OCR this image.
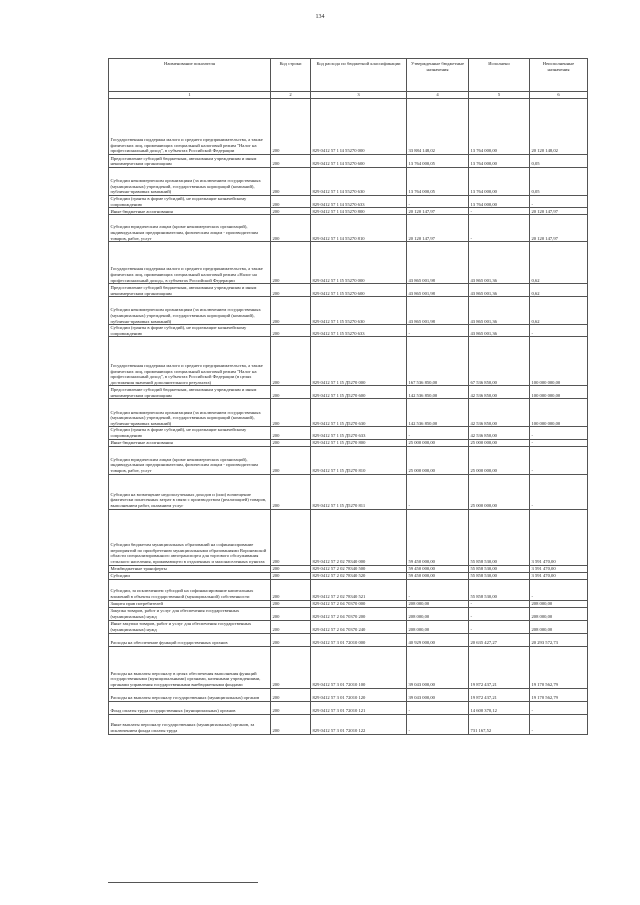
134
Наименование показателя	Код строки	Код расхода по бюджетной классификации	Утвержденные бюджетные назначения	Исполнено	Неисполненные назначения
1	2	3	4	5	6
Государственная поддержка малого и среднего предпринимательства, а также физических лиц, применяющих специальный налоговый режим "Налог на профессиональный доход", в субъектах Российской Федерации	200	829 0412 57 1 I4 55270 000	33 884 148,02	13 764 000,00	20 120 148,02
Предоставление субсидий бюджетным, автономным учреждениям и иным некоммерческим организациям	200	829 0412 57 1 I4 55270 600	13 764 000,05	13 764 000,00	0,05
Субсидии некоммерческим организациям (за исключением государственных (муниципальных) учреждений, государственных корпораций (компаний), публично-правовых компаний)	200	829 0412 57 1 I4 55270 630	13 764 000,05	13 764 000,00	0,05
Субсидии (гранты в форме субсидий), не подлежащие казначейскому сопровождению	200	829 0412 57 1 I4 55270 633	-	13 764 000,00	-
Иные бюджетные ассигнования	200	829 0412 57 1 I4 55270 800	20 120 147,97	-	20 120 147,97
Субсидии юридическим лицам (кроме некоммерческих организаций), индивидуальным предпринимателям, физическим лицам - производителям товаров, работ, услуг	200	829 0412 57 1 I4 55270 810	20 120 147,97	-	20 120 147,97
Государственная поддержка малого и среднего предпринимательства, а также физических лиц, применяющих специальный налоговый режим «Налог на профессиональный доход», в субъектах Российской Федерации	200	829 0412 57 1 I5 55270 000	43 865 001,98	43 865 001,36	0,62
Предоставление субсидий бюджетным, автономным учреждениям и иным некоммерческим организациям	200	829 0412 57 1 I5 55270 600	43 865 001,98	43 865 001,36	0,62
Субсидии некоммерческим организациям (за исключением государственных (муниципальных) учреждений, государственных корпораций (компаний), публично-правовых компаний)	200	829 0412 57 1 I5 55270 630	43 865 001,98	43 865 001,36	0,62
Субсидии (гранты в форме субсидий), не подлежащие казначейскому сопровождению	200	829 0412 57 1 I5 55270 633	-	43 865 001,36	-
Государственная поддержка малого и среднего предпринимательства, а также физических лиц, применяющих специальный налоговый режим "Налог на профессиональный доход", в субъектах Российской Федерации (в целях достижения значений дополнительного результата)	200	829 0412 57 1 I5 Д5270 000	167 536 850,00	67 536 850,00	100 000 000,00
Предоставление субсидий бюджетным, автономным учреждениям и иным некоммерческим организациям	200	829 0412 57 1 I5 Д5270 600	142 536 850,00	42 536 850,00	100 000 000,00
Субсидии некоммерческим организациям (за исключением государственных (муниципальных) учреждений, государственных корпораций (компаний), публично-правовых компаний)	200	829 0412 57 1 I5 Д5270 630	142 536 850,00	42 536 850,00	100 000 000,00
Субсидии (гранты в форме субсидий), не подлежащие казначейскому сопровождению	200	829 0412 57 1 I5 Д5270 633	-	42 536 850,00	-
Иные бюджетные ассигнования	200	829 0412 57 1 I5 Д5270 800	25 000 000,00	25 000 000,00	-
Субсидии юридическим лицам (кроме некоммерческих организаций), индивидуальным предпринимателям, физическим лицам - производителям товаров, работ, услуг	200	829 0412 57 1 I5 Д5270 810	25 000 000,00	25 000 000,00	-
Субсидии на возмещение недополученных доходов и (или) возмещение фактически понесенных затрат в связи с производством (реализацией) товаров, выполнением работ, оказанием услуг	200	829 0412 57 1 I5 Д5270 811	-	25 000 000,00	-
Субсидии бюджетам муниципальных образований на софинансирование мероприятий по приобретению муниципальными образованиями Воронежской области специализированного автотранспорта для торгового обслуживания сельского населения, проживающего в отдаленных и малонаселенных пунктах	200	829 0412 57 2 02 78340 000	59 450 000,00	55 858 530,00	3 591 470,00
Межбюджетные трансферты	200	829 0412 57 2 02 78340 500	59 450 000,00	55 858 530,00	3 591 470,00
Субсидии	200	829 0412 57 2 02 78340 520	59 450 000,00	55 858 530,00	3 591 470,00
Субсидии, за исключением субсидий на софинансирование капитальных вложений в объекты государственной (муниципальной) собственности	200	829 0412 57 2 02 78340 521	-	55 858 530,00	-
Защита прав потребителей	200	829 0412 57 2 04 70370 000	208 000,00	-	208 000,00
Закупка товаров, работ и услуг для обеспечения государственных (муниципальных) нужд	200	829 0412 57 2 04 70370 200	208 000,00	-	208 000,00
Иные закупки товаров, работ и услуг для обеспечения государственных (муниципальных) нужд	200	829 0412 57 2 04 70370 240	208 000,00	-	208 000,00
Расходы на обеспечение функций государственных органов	200	829 0412 57 3 01 72010 000	40 929 000,00	20 635 427,27	20 293 572,73
Расходы на выплаты персоналу в целях обеспечения выполнения функций государственными (муниципальными) органами, казенными учреждениями, органами управления государственными внебюджетными фондами	200	829 0412 57 3 01 72010 100	39 043 000,00	19 872 437,21	19 170 562,79
Расходы на выплаты персоналу государственных (муниципальных) органов	200	829 0412 57 3 01 72010 120	39 043 000,00	19 872 437,21	19 170 562,79
Фонд оплаты труда государственных (муниципальных) органов	200	829 0412 57 3 01 72010 121	-	14 600 370,12	-
Иные выплаты персоналу государственных (муниципальных) органов, за исключением фонда оплаты труда	200	829 0412 57 3 01 72010 122	-	731 167,52	-
